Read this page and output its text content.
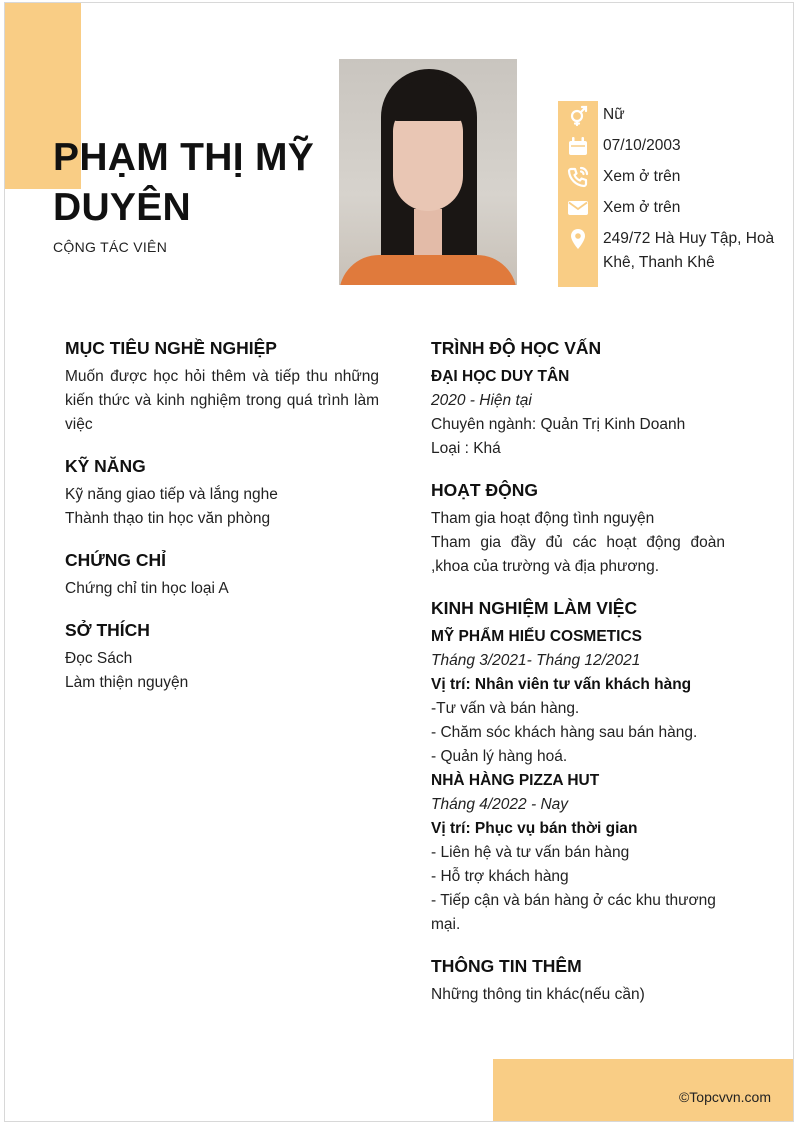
PHẠM THỊ MỸ DUYÊN
CỘNG TÁC VIÊN
Nữ
07/10/2003
Xem ở trên
Xem ở trên
249/72 Hà Huy Tập, Hoà Khê, Thanh Khê
MỤC TIÊU NGHỀ NGHIỆP

Muốn được học hỏi thêm và tiếp thu những kiến thức và kinh nghiệm trong quá trình làm việc

KỸ NĂNG

Kỹ năng giao tiếp và lắng nghe

Thành thạo tin học văn phòng

CHỨNG CHỈ

Chứng chỉ tin học loại A

SỞ THÍCH

Đọc Sách

Làm thiện nguyện

TRÌNH ĐỘ HỌC VẤN
ĐẠI HỌC DUY TÂN
2020 - Hiện tại

Chuyên ngành: Quản Trị Kinh Doanh

Loại : Khá

HOẠT ĐỘNG

Tham gia hoạt động tình nguyện

Tham gia đầy đủ các hoạt động đoàn ,khoa của trường và địa phương.

KINH NGHIỆM LÀM VIỆC
MỸ PHẨM HIẾU COSMETICS
Tháng 3/2021- Tháng 12/2021
Vị trí: Nhân viên tư vấn khách hàng

-Tư vấn và bán hàng.

- Chăm sóc khách hàng sau bán hàng.

- Quản lý hàng hoá.

NHÀ HÀNG PIZZA HUT
Tháng 4/2022 - Nay
Vị trí: Phục vụ bán thời gian

- Liên hệ và tư vấn bán hàng

- Hỗ trợ khách hàng

- Tiếp cận và bán hàng ở các khu thương mại.

THÔNG TIN THÊM

Những thông tin khác(nếu cần)

©Topcvvn.com
